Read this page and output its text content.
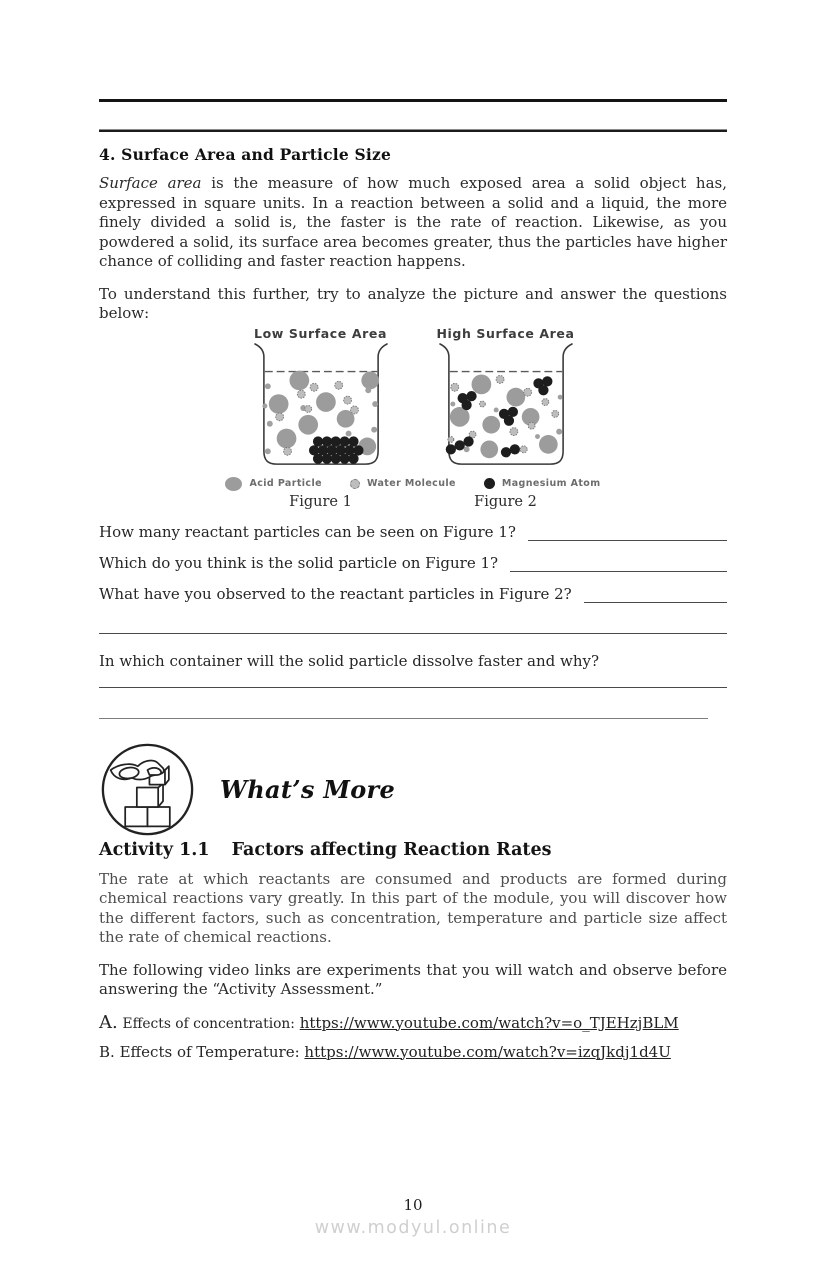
4. Surface Area and Particle Size

Surface area is the measure of how much exposed area a solid object has, expressed in square units. In a reaction between a solid and a liquid, the more finely divided a solid is, the faster is the rate of reaction. Likewise, as you powdered a solid, its surface area becomes greater, thus the particles have higher chance of colliding and faster reaction happens.

To understand this further, try to analyze the picture and answer the questions below:

Low Surface Area	High Surface Area
Acid Particle	Water Molecule	Magnesium Atom
Figure 1	Figure 2
How many reactant particles can be seen on Figure 1?
Which do you think is the solid particle on Figure 1?
What have you observed to the reactant particles in Figure 2?
In which container will the solid particle dissolve faster and why?
What’s More
Activity 1.1 Factors affecting Reaction Rates

The rate at which reactants are consumed and products are formed during chemical reactions vary greatly. In this part of the module, you will discover how the different factors, such as concentration, temperature and particle size affect the rate of chemical reactions.

The following video links are experiments that you will watch and observe before answering the “Activity Assessment.”

A. Effects of concentration: https://www.youtube.com/watch?v=o_TJEHzjBLM
B. Effects of Temperature: https://www.youtube.com/watch?v=izqJkdj1d4U
10
www.modyul.online
